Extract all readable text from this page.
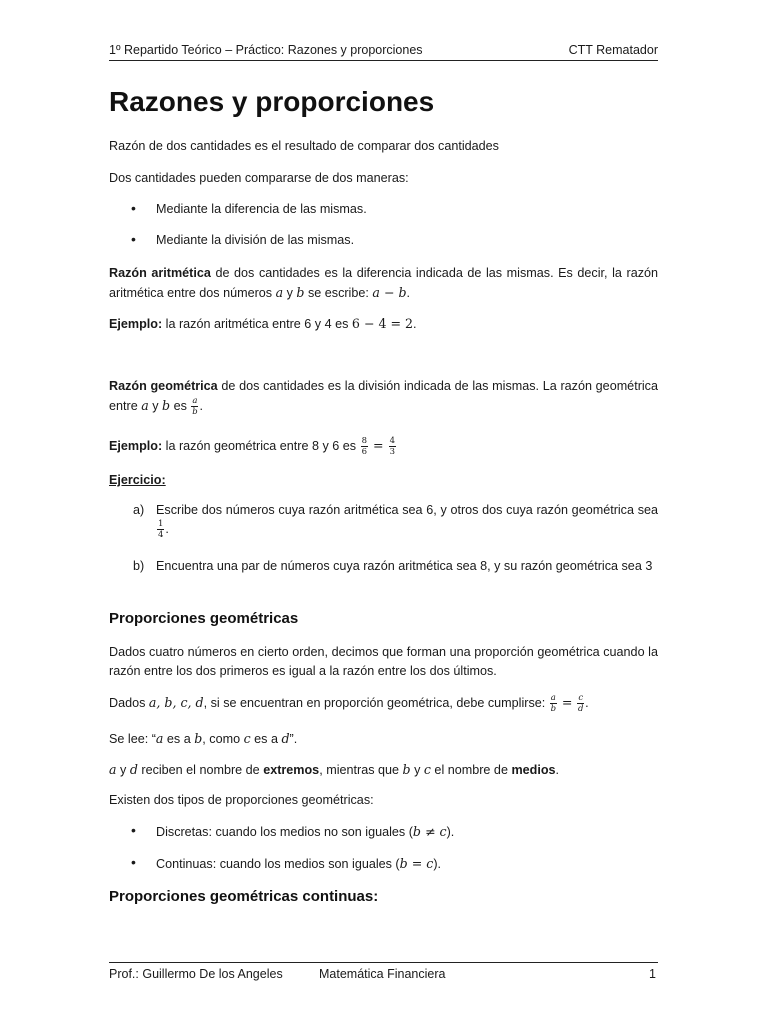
1º Repartido Teórico – Práctico: Razones y proporciones	CTT Rematador
Razones y proporciones
Razón de dos cantidades es el resultado de comparar dos cantidades
Dos cantidades pueden compararse de dos maneras:
• Mediante la diferencia de las mismas.
• Mediante la división de las mismas.
Razón aritmética de dos cantidades es la diferencia indicada de las mismas. Es decir, la razón aritmética entre dos números a y b se escribe: a − b.
Ejemplo: la razón aritmética entre 6 y 4 es 6 − 4 = 2.
Razón geométrica de dos cantidades es la división indicada de las mismas. La razón geométrica entre a y b es $\frac{a}{b}$ .
Ejemplo: la razón geométrica entre 8 y 6 es $\frac{8}{6} = \frac{4}{3}$
Ejercicio:
a) Escribe dos números cuya razón aritmética sea 6, y otros dos cuya razón geométrica sea
$\frac{1}{4}$ .
b) Encuentra una par de números cuya razón aritmética sea 8, y su razón geométrica sea 3
Proporciones geométricas
Dados cuatro números en cierto orden, decimos que forman una proporción geométrica cuando la razón entre los dos primeros es igual a la razón entre los dos últimos.
Dados a, b, c, d, si se encuentran en proporción geométrica, debe cumplirse: $\frac{a}{b} = \frac{c}{d}$ .
Se lee: “a es a b, como c es a d”.
a y d reciben el nombre de extremos, mientras que b y c el nombre de medios.
Existen dos tipos de proporciones geométricas:
• Discretas: cuando los medios no son iguales (b ≠ c).
• Continuas: cuando los medios son iguales (b = c).
Proporciones geométricas continuas:
Prof.: Guillermo De los Angeles	Matemática Financiera	1
